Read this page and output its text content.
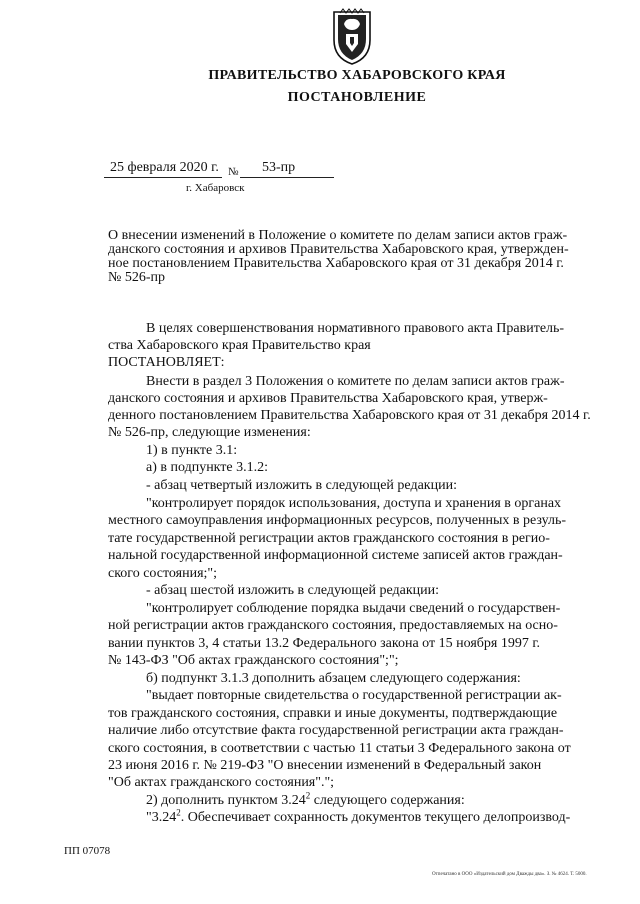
ПРАВИТЕЛЬСТВО ХАБАРОВСКОГО КРАЯ
ПОСТАНОВЛЕНИЕ
25 февраля 2020 г. № 53-пр
г. Хабаровск
О внесении изменений в Положение о комитете по делам записи актов граж-
данского состояния и архивов Правительства Хабаровского края, утвержден-
ное постановлением Правительства Хабаровского края от 31 декабря 2014 г.
№ 526-пр
В целях совершенствования нормативного правового акта Правитель-
ства Хабаровского края Правительство края
ПОСТАНОВЛЯЕТ:
Внести в раздел 3 Положения о комитете по делам записи актов граж-
данского состояния и архивов Правительства Хабаровского края, утверж-
денного постановлением Правительства Хабаровского края от 31 декабря 2014 г.
№ 526-пр, следующие изменения:
1) в пункте 3.1:
а) в подпункте 3.1.2:
- абзац четвертый изложить в следующей редакции:
"контролирует порядок использования, доступа и хранения в органах
местного самоуправления информационных ресурсов, полученных в резуль-
тате государственной регистрации актов гражданского состояния в регио-
нальной государственной информационной системе записей актов граждан-
ского состояния;";
- абзац шестой изложить в следующей редакции:
"контролирует соблюдение порядка выдачи сведений о государствен-
ной регистрации актов гражданского состояния, предоставляемых на осно-
вании пунктов 3, 4 статьи 13.2 Федерального закона от 15 ноября 1997 г.
№ 143-ФЗ "Об актах гражданского состояния";";
б) подпункт 3.1.3 дополнить абзацем следующего содержания:
"выдает повторные свидетельства о государственной регистрации ак-
тов гражданского состояния, справки и иные документы, подтверждающие
наличие либо отсутствие факта государственной регистрации акта граждан-
ского состояния, в соответствии с частью 11 статьи 3 Федерального закона от
23 июня 2016 г. № 219-ФЗ "О внесении изменений в Федеральный закон
"Об актах гражданского состояния".";
2) дополнить пунктом 3.24$^2$ следующего содержания:
"3.24$^2$. Обеспечивает сохранность документов текущего делопроизвод-
ПП 07078
Отпечатано в ООО «Издательский дом Дважды два». З. № 4624. Т. 5000.
